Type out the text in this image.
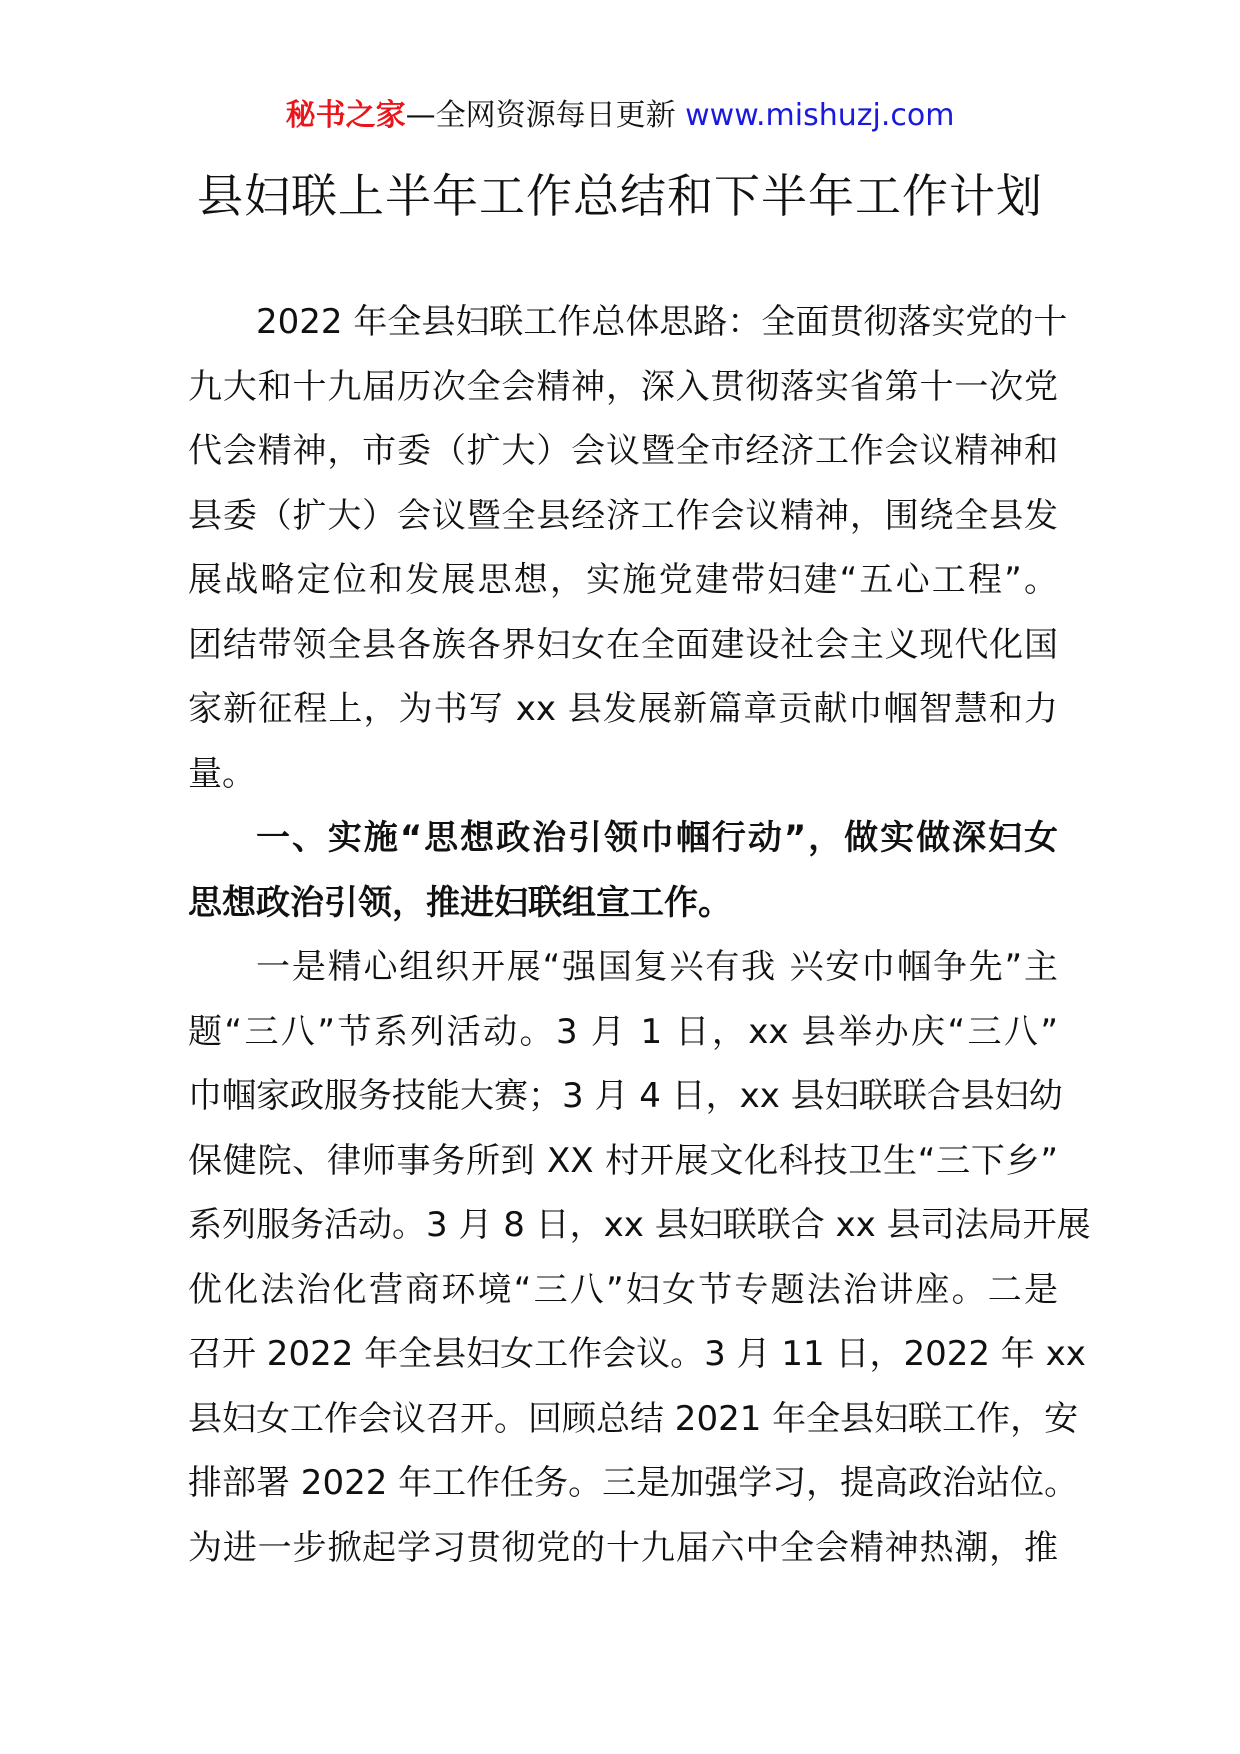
秘书之家—全网资源每日更新 www.mishuzj.com
县妇联上半年工作总结和下半年工作计划
2022 年全县妇联工作总体思路：全面贯彻落实党的十
九大和十九届历次全会精神，深入贯彻落实省第十一次党
代会精神，市委（扩大）会议暨全市经济工作会议精神和
县委（扩大）会议暨全县经济工作会议精神，围绕全县发
展战略定位和发展思想，实施党建带妇建“五心工程”。
团结带领全县各族各界妇女在全面建设社会主义现代化国
家新征程上，为书写 xx 县发展新篇章贡献巾帼智慧和力
量。
一、实施“思想政治引领巾帼行动”，做实做深妇女
思想政治引领，推进妇联组宣工作。
一是精心组织开展“强国复兴有我 兴安巾帼争先”主
题“三八”节系列活动。3 月 1 日，xx 县举办庆“三八”
巾帼家政服务技能大赛；3 月 4 日，xx 县妇联联合县妇幼
保健院、律师事务所到 XX 村开展文化科技卫生“三下乡”
系列服务活动。3 月 8 日，xx 县妇联联合 xx 县司法局开展
优化法治化营商环境“三八”妇女节专题法治讲座。二是
召开 2022 年全县妇女工作会议。3 月 11 日，2022 年 xx
县妇女工作会议召开。回顾总结 2021 年全县妇联工作，安
排部署 2022 年工作任务。三是加强学习，提高政治站位。
为进一步掀起学习贯彻党的十九届六中全会精神热潮，推
